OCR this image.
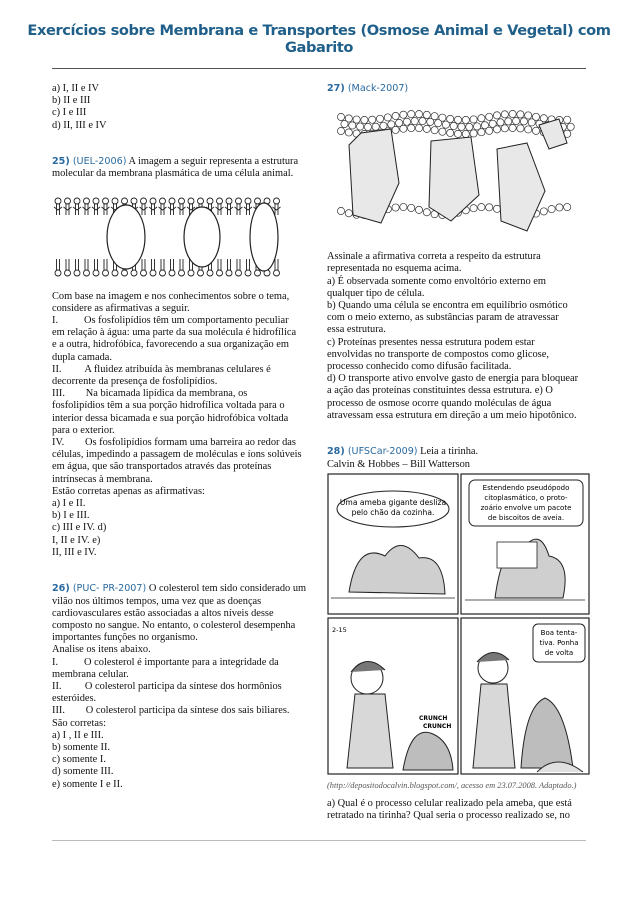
Exercícios sobre Membrana e Transportes (Osmose Animal e Vegetal) com Gabarito
a) I, II e IV
b) II e III
c) I e III
d) II, III e IV
25) (UEL-2006) A imagem a seguir representa a estrutura
molecular da membrana plasmática de uma célula animal.
Com base na imagem e nos conhecimentos sobre o tema,
considere as afirmativas a seguir.
I.          Os fosfolipídios têm um comportamento peculiar
em relação à água: uma parte da sua molécula é hidrofílica
e a outra, hidrofóbica, favorecendo a sua organização em
dupla camada.
II.         A fluidez atribuída às membranas celulares é
decorrente da presença de fosfolipídios.
III.        Na bicamada lipídica da membrana, os
fosfolipídios têm a sua porção hidrofílica voltada para o
interior dessa bicamada e sua porção hidrofóbica voltada
para o exterior.
IV.        Os fosfolipídios formam uma barreira ao redor das
células, impedindo a passagem de moléculas e íons solúveis
em água, que são transportados através das proteínas
intrínsecas à membrana.
Estão corretas apenas as afirmativas:
a) I e II.
b) I e III.
c) III e IV. d)
I, II e IV. e)
II, III e IV.
26) (PUC- PR-2007) O colesterol tem sido considerado um
vilão nos últimos tempos, uma vez que as doenças
cardiovasculares estão associadas a altos níveis desse
composto no sangue. No entanto, o colesterol desempenha
importantes funções no organismo.
Analise os itens abaixo.
I.          O colesterol é importante para a integridade da
membrana celular.
II.         O colesterol participa da síntese dos hormônios
esteróides.
III.        O colesterol participa da síntese dos sais biliares.
São corretas:
a) I , II e III.
b) somente II.
c) somente I.
d) somente III.
e) somente I e II.
27) (Mack-2007)
Assinale a afirmativa correta a respeito da estrutura
representada no esquema acima.
a) É observada somente como envoltório externo em
qualquer tipo de célula.
b) Quando uma célula se encontra em equilíbrio osmótico
com o meio externo, as substâncias param de atravessar
essa estrutura.
c) Proteínas presentes nessa estrutura podem estar
envolvidas no transporte de compostos como glicose,
processo conhecido como difusão facilitada.
d) O transporte ativo envolve gasto de energia para bloquear
a ação das proteínas constituintes dessa estrutura. e) O
processo de osmose ocorre quando moléculas de água
atravessam essa estrutura em direção a um meio hipotônico.
28) (UFSCar-2009) Leia a tirinha.
Calvin & Hobbes – Bill Watterson
Uma ameba gigante desliza
pelo chão da cozinha.
Estendendo pseudópodo
citoplasmático, o proto-
zoário envolve um pacote
de biscoitos de aveia.
2-15
CRUNCH
CRUNCH
Boa tenta-
tiva. Ponha
de volta
(http://depositodocalvin.blogspot.com/, acesso em 23.07.2008. Adaptado.)
a) Qual é o processo celular realizado pela ameba, que está
retratado na tirinha? Qual seria o processo realizado se, no
